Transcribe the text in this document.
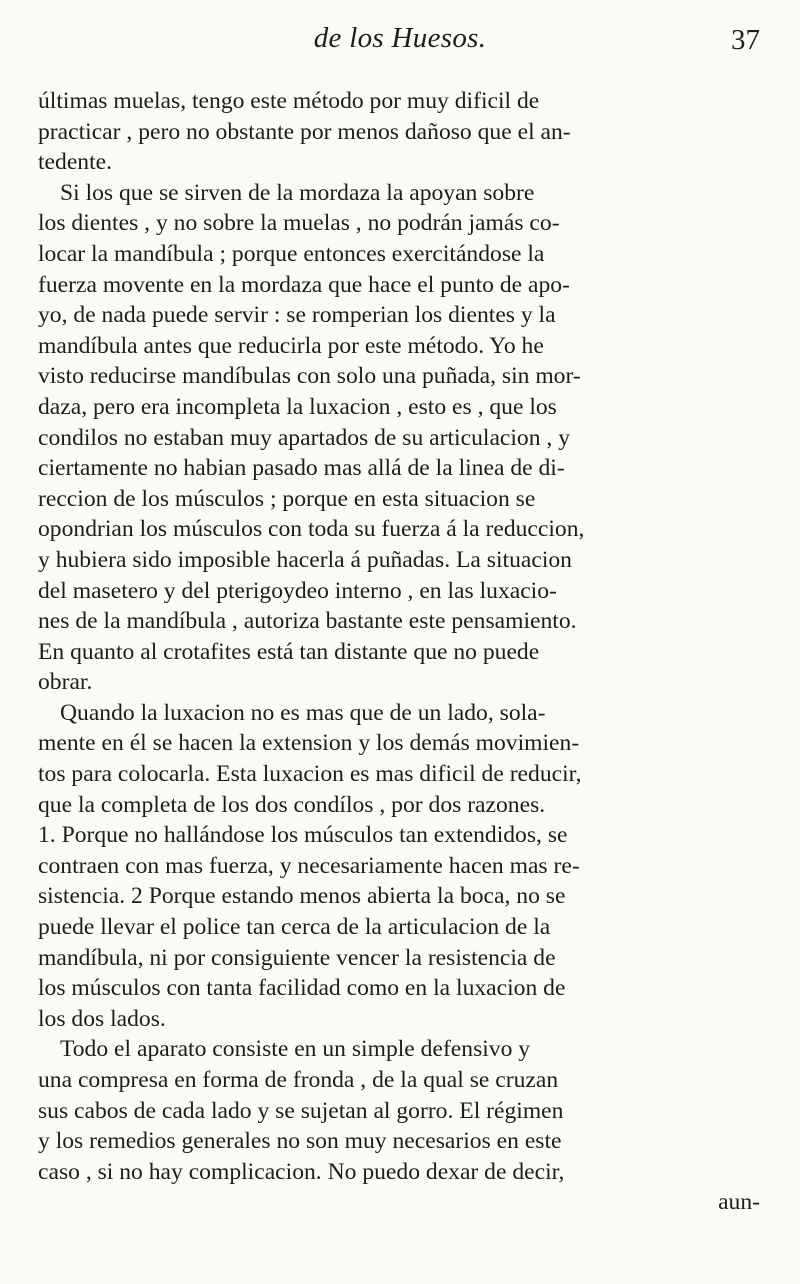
de los Huesos.	37

últimas muelas, tengo este método por muy dificil de
practicar , pero no obstante por menos dañoso que el an-
tedente.

Si los que se sirven de la mordaza la apoyan sobre
los dientes , y no sobre la muelas , no podrán jamás co-
locar la mandíbula ; porque entonces exercitándose la
fuerza movente en la mordaza que hace el punto de apo-
yo, de nada puede servir : se romperian los dientes y la
mandíbula antes que reducirla por este método. Yo he
visto reducirse mandíbulas con solo una puñada, sin mor-
daza, pero era incompleta la luxacion , esto es , que los
condilos no estaban muy apartados de su articulacion , y
ciertamente no habian pasado mas allá de la linea de di-
reccion de los músculos ; porque en esta situacion se
opondrian los músculos con toda su fuerza á la reduccion,
y hubiera sido imposible hacerla á puñadas. La situacion
del masetero y del pterigoydeo interno , en las luxacio-
nes de la mandíbula , autoriza bastante este pensamiento.
En quanto al crotafites está tan distante que no puede
obrar.

Quando la luxacion no es mas que de un lado, sola-
mente en él se hacen la extension y los demás movimien-
tos para colocarla. Esta luxacion es mas dificil de reducir,
que la completa de los dos condílos , por dos razones.
1. Porque no hallándose los músculos tan extendidos, se
contraen con mas fuerza, y necesariamente hacen mas re-
sistencia. 2 Porque estando menos abierta la boca, no se
puede llevar el police tan cerca de la articulacion de la
mandíbula, ni por consiguiente vencer la resistencia de
los músculos con tanta facilidad como en la luxacion de
los dos lados.

Todo el aparato consiste en un simple defensivo y
una compresa en forma de fronda , de la qual se cruzan
sus cabos de cada lado y se sujetan al gorro. El régimen
y los remedios generales no son muy necesarios en este
caso , si no hay complicacion. No puedo dexar de decir,
aun-
